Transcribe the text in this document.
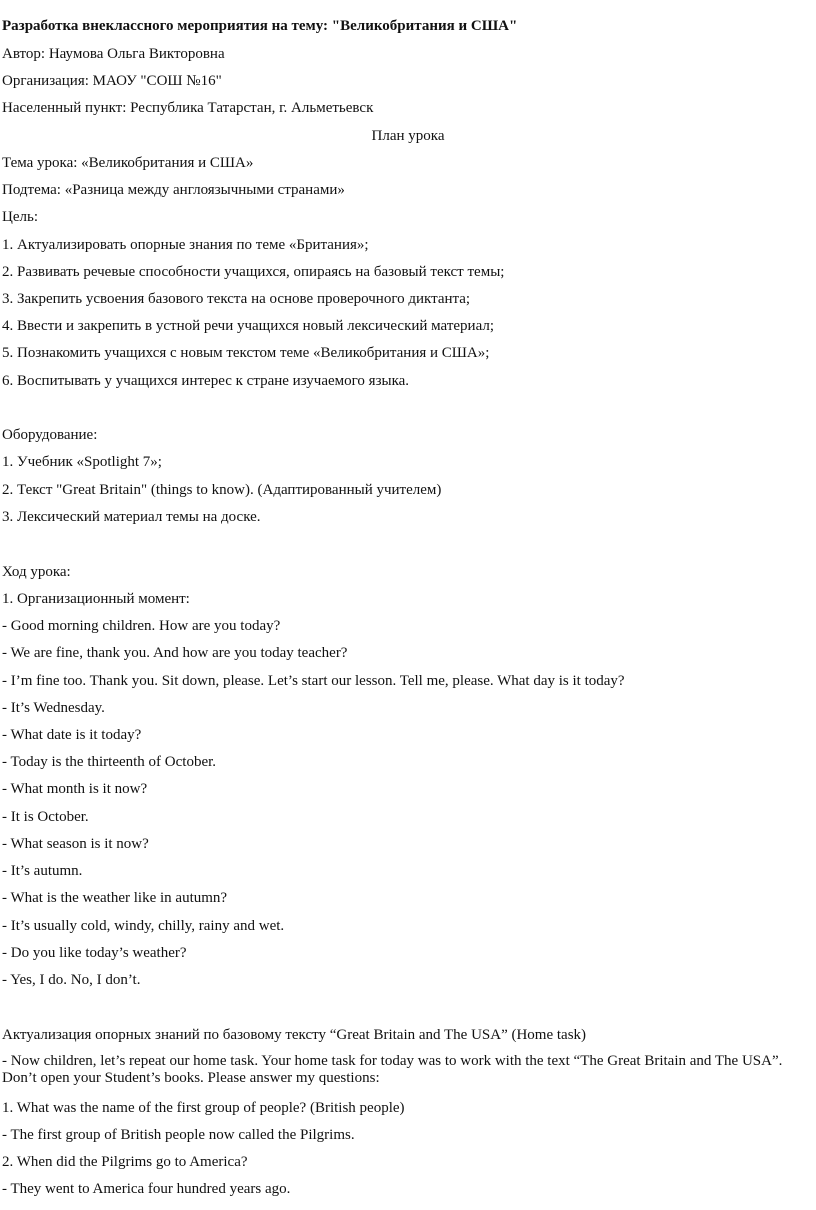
Разработка внеклассного мероприятия на тему: "Великобритания и США"
Автор: Наумова Ольга Викторовна
Организация: МАОУ "СОШ №16"
Населенный пункт: Республика Татарстан, г. Альметьевск
План урока
Тема урока: «Великобритания и США»
Подтема: «Разница между англоязычными странами»
Цель:
1. Актуализировать опорные знания по теме «Британия»;
2. Развивать речевые способности учащихся, опираясь на базовый текст темы;
3. Закрепить усвоения базового текста на основе проверочного диктанта;
4. Ввести и закрепить в устной речи учащихся новый лексический материал;
5. Познакомить учащихся с новым текстом теме «Великобритания и США»;
6. Воспитывать у учащихся интерес к стране изучаемого языка.
Оборудование:
1. Учебник «Spotlight 7»;
2. Текст "Great Britain" (things to know). (Адаптированный учителем)
3. Лексический материал темы на доске.
Ход урока:
1. Организационный момент:
- Good morning children. How are you today?
- We are fine, thank you. And how are you today teacher?
- I’m fine too. Thank you. Sit down, please. Let’s start our lesson. Tell me, please. What day is it today?
- It’s Wednesday.
- What date is it today?
- Today is the thirteenth of October.
- What month is it now?
- It is October.
- What season is it now?
- It’s autumn.
- What is the weather like in autumn?
- It’s usually cold, windy, chilly, rainy and wet.
- Do you like today’s weather?
- Yes, I do. No, I don’t.
Актуализация опорных знаний по базовому тексту “Great Britain and The USA” (Home task)
- Now children, let’s repeat our home task. Your home task for today was to work with the text “The Great Britain and The USA”. Don’t open your Student’s books. Please answer my questions:
1. What was the name of the first group of people? (British people)
- The first group of British people now called the Pilgrims.
2. When did the Pilgrims go to America?
- They went to America four hundred years ago.
